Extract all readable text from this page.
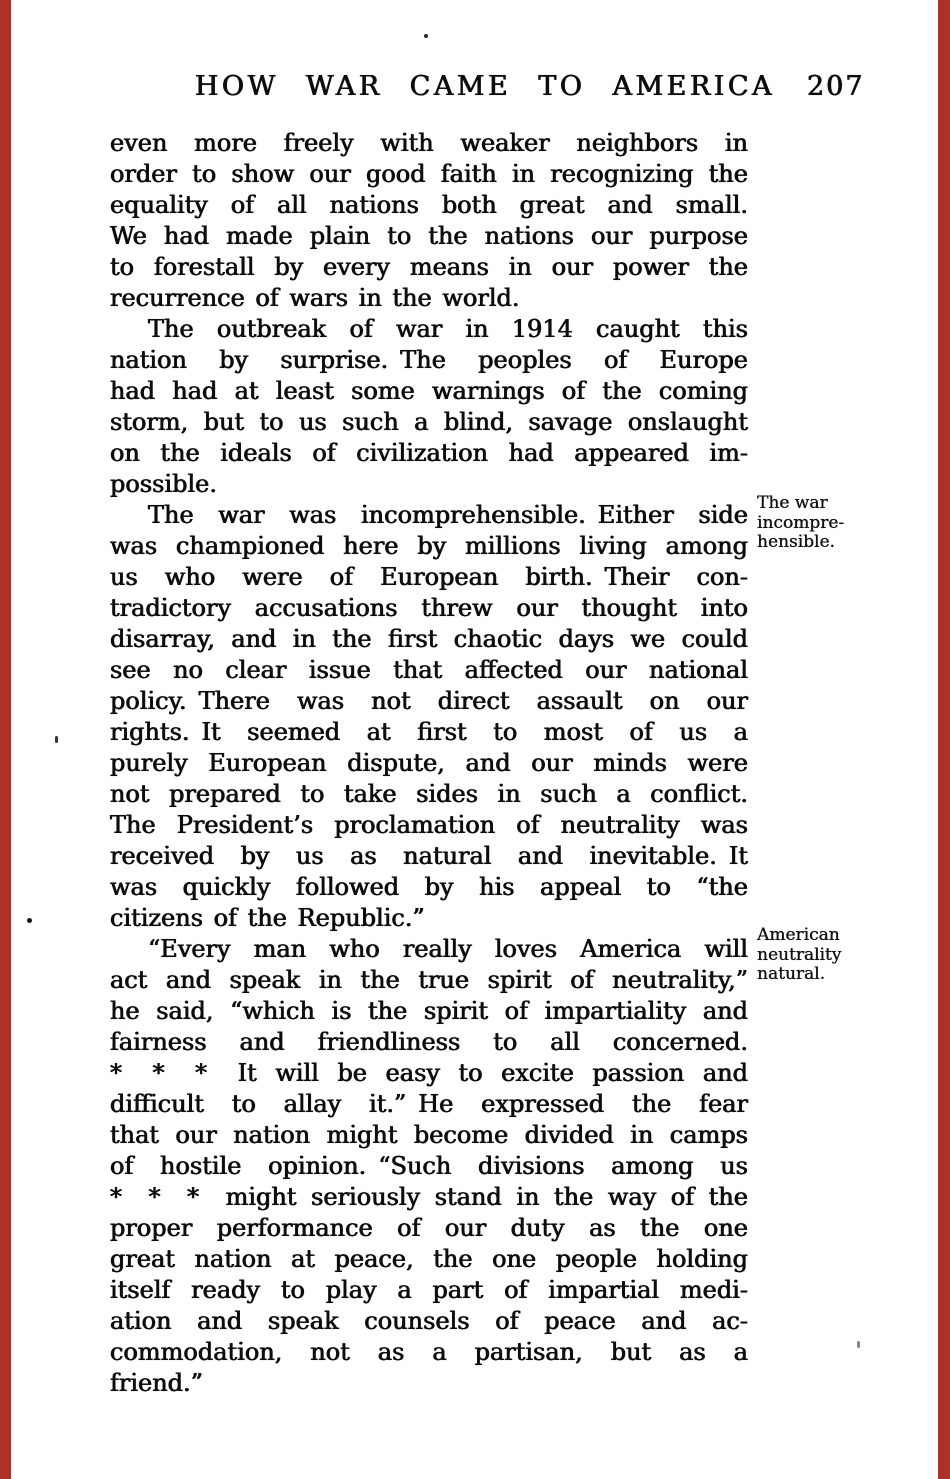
HOW WAR CAME TO AMERICA 207
even more freely with weaker neighbors in
order to show our good faith in recognizing the
equality of all nations both great and small.
We had made plain to the nations our purpose
to forestall by every means in our power the
recurrence of wars in the world.
The outbreak of war in 1914 caught this
nation by surprise. The peoples of Europe
had had at least some warnings of the coming
storm, but to us such a blind, savage onslaught
on the ideals of civilization had appeared im-
possible.
The war was incomprehensible. Either side
was championed here by millions living among
us who were of European birth. Their con-
tradictory accusations threw our thought into
disarray, and in the first chaotic days we could
see no clear issue that affected our national
policy. There was not direct assault on our
rights. It seemed at first to most of us a
purely European dispute, and our minds were
not prepared to take sides in such a conflict.
The President’s proclamation of neutrality was
received by us as natural and inevitable. It
was quickly followed by his appeal to “the
citizens of the Republic.”
“Every man who really loves America will
act and speak in the true spirit of neutrality,”
he said, “which is the spirit of impartiality and
fairness and friendliness to all concerned.
*  *  *  It will be easy to excite passion and
difficult to allay it.” He expressed the fear
that our nation might become divided in camps
of hostile opinion. “Such divisions among us
*  *  *  might seriously stand in the way of the
proper performance of our duty as the one
great nation at peace, the one people holding
itself ready to play a part of impartial medi-
ation and speak counsels of peace and ac-
commodation, not as a partisan, but as a
friend.”
The war
incompre-
hensible.
American
neutrality
natural.
